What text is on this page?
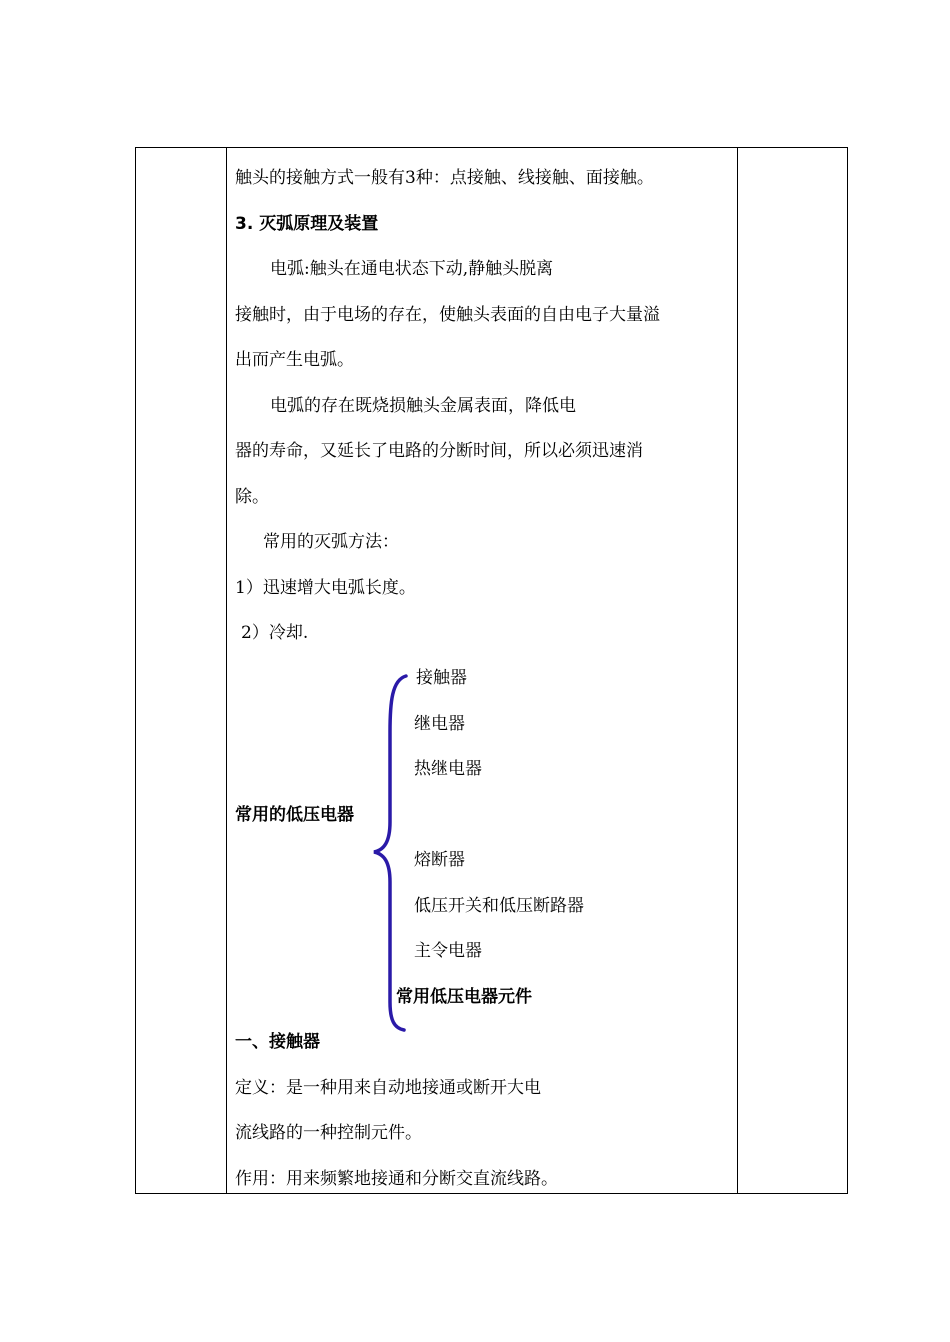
触头的接触方式一般有3种：点接触、线接触、面接触。
3. 灭弧原理及装置
电弧:触头在通电状态下动,静触头脱离
接触时，由于电场的存在，使触头表面的自由电子大量溢
出而产生电弧。
电弧的存在既烧损触头金属表面，降低电
器的寿命，又延长了电路的分断时间，所以必须迅速消
除。
常用的灭弧方法：
1）迅速增大电弧长度。
2）冷却.
常用的低压电器
接触器
继电器
热继电器
熔断器
低压开关和低压断路器
主令电器
常用低压电器元件
一、接触器
定义：是一种用来自动地接通或断开大电
流线路的一种控制元件。
作用：用来频繁地接通和分断交直流线路。
